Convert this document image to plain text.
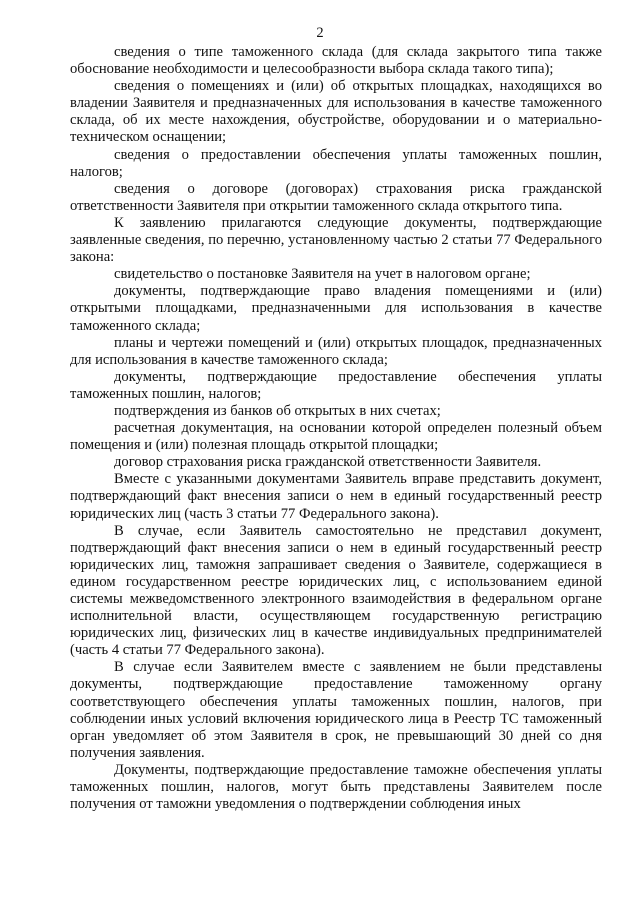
2

сведения о типе таможенного склада (для склада закрытого типа также обоснование необходимости и целесообразности выбора склада такого типа);

сведения о помещениях и (или) об открытых площадках, находящихся во владении Заявителя и предназначенных для использования в качестве таможенного склада, об их месте нахождения, обустройстве, оборудовании и о материально-техническом оснащении;

сведения о предоставлении обеспечения уплаты таможенных пошлин, налогов;

сведения о договоре (договорах) страхования риска гражданской ответственности Заявителя при открытии таможенного склада открытого типа.

К заявлению прилагаются следующие документы, подтверждающие заявленные сведения, по перечню, установленному частью 2 статьи 77 Федерального закона:

свидетельство о постановке Заявителя на учет в налоговом органе;

документы, подтверждающие право владения помещениями и (или) открытыми площадками, предназначенными для использования в качестве таможенного склада;

планы и чертежи помещений и (или) открытых площадок, предназначенных для использования в качестве таможенного склада;

документы, подтверждающие предоставление обеспечения уплаты таможенных пошлин, налогов;

подтверждения из банков об открытых в них счетах;

расчетная документация, на основании которой определен полезный объем помещения и (или) полезная площадь открытой площадки;

договор страхования риска гражданской ответственности Заявителя.

Вместе с указанными документами Заявитель вправе представить документ, подтверждающий факт внесения записи о нем в единый государственный реестр юридических лиц (часть 3 статьи 77 Федерального закона).

В случае, если Заявитель самостоятельно не представил документ, подтверждающий факт внесения записи о нем в единый государственный реестр юридических лиц, таможня запрашивает сведения о Заявителе, содержащиеся в едином государственном реестре юридических лиц, с использованием единой системы межведомственного электронного взаимодействия в федеральном органе исполнительной власти, осуществляющем государственную регистрацию юридических лиц, физических лиц в качестве индивидуальных предпринимателей (часть 4 статьи 77 Федерального закона).

В случае если Заявителем вместе с заявлением не были представлены документы, подтверждающие предоставление таможенному органу соответствующего обеспечения уплаты таможенных пошлин, налогов, при соблюдении иных условий включения юридического лица в Реестр ТС таможенный орган уведомляет об этом Заявителя в срок, не превышающий 30 дней со дня получения заявления.

Документы, подтверждающие предоставление таможне обеспечения уплаты таможенных пошлин, налогов, могут быть представлены Заявителем после получения от таможни уведомления о подтверждении соблюдения иных
